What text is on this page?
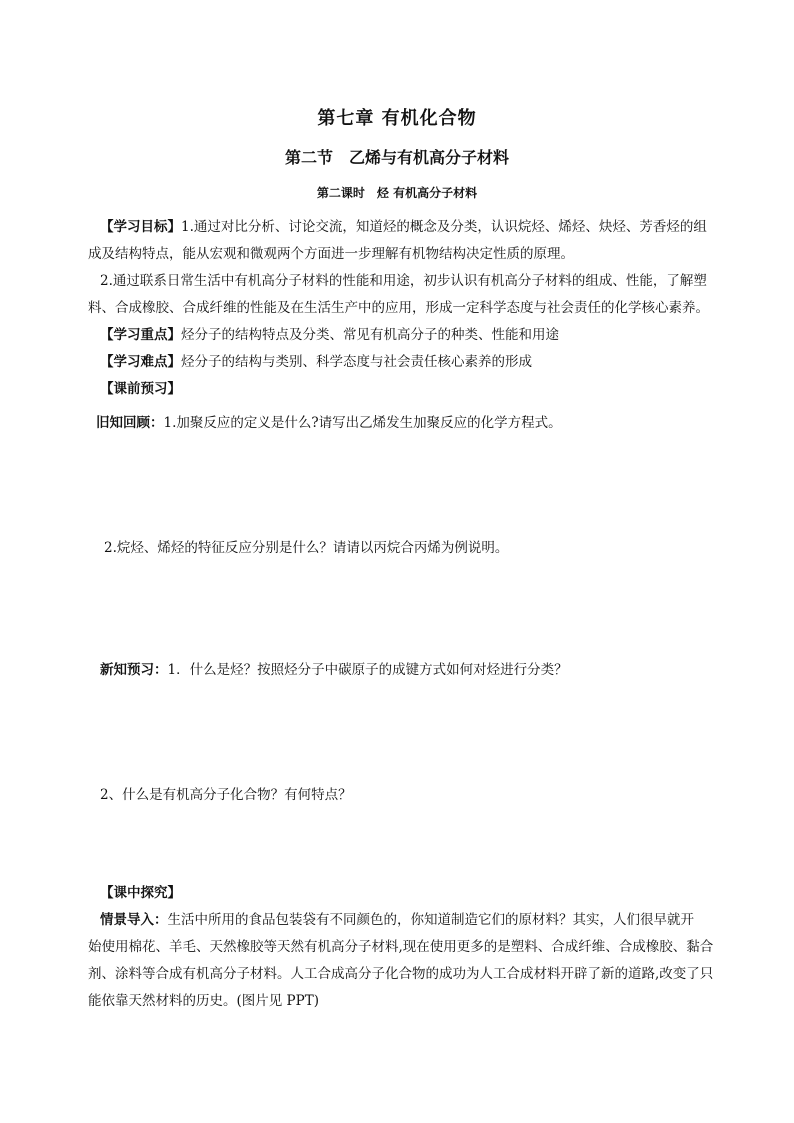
第七章 有机化合物
第二节　乙烯与有机高分子材料
第二课时　烃 有机高分子材料
【学习目标】1.通过对比分析、讨论交流，知道烃的概念及分类，认识烷烃、烯烃、炔烃、芳香烃的组
成及结构特点，能从宏观和微观两个方面进一步理解有机物结构决定性质的原理。
2.通过联系日常生活中有机高分子材料的性能和用途，初步认识有机高分子材料的组成、性能，了解塑
料、合成橡胶、合成纤维的性能及在生活生产中的应用，形成一定科学态度与社会责任的化学核心素养。
【学习重点】烃分子的结构特点及分类、常见有机高分子的种类、性能和用途
【学习难点】烃分子的结构与类别、科学态度与社会责任核心素养的形成
【课前预习】
旧知回顾：1.加聚反应的定义是什么?请写出乙烯发生加聚反应的化学方程式。
2.烷烃、烯烃的特征反应分别是什么？请请以丙烷合丙烯为例说明。
新知预习：1．什么是烃？按照烃分子中碳原子的成键方式如何对烃进行分类？
2、什么是有机高分子化合物？有何特点？
【课中探究】
情景导入：生活中所用的食品包装袋有不同颜色的，你知道制造它们的原材料？其实，人们很早就开
始使用棉花、羊毛、天然橡胶等天然有机高分子材料,现在使用更多的是塑料、合成纤维、合成橡胶、黏合
剂、涂料等合成有机高分子材料。人工合成高分子化合物的成功为人工合成材料开辟了新的道路,改变了只
能依靠天然材料的历史。(图片见 PPT)
